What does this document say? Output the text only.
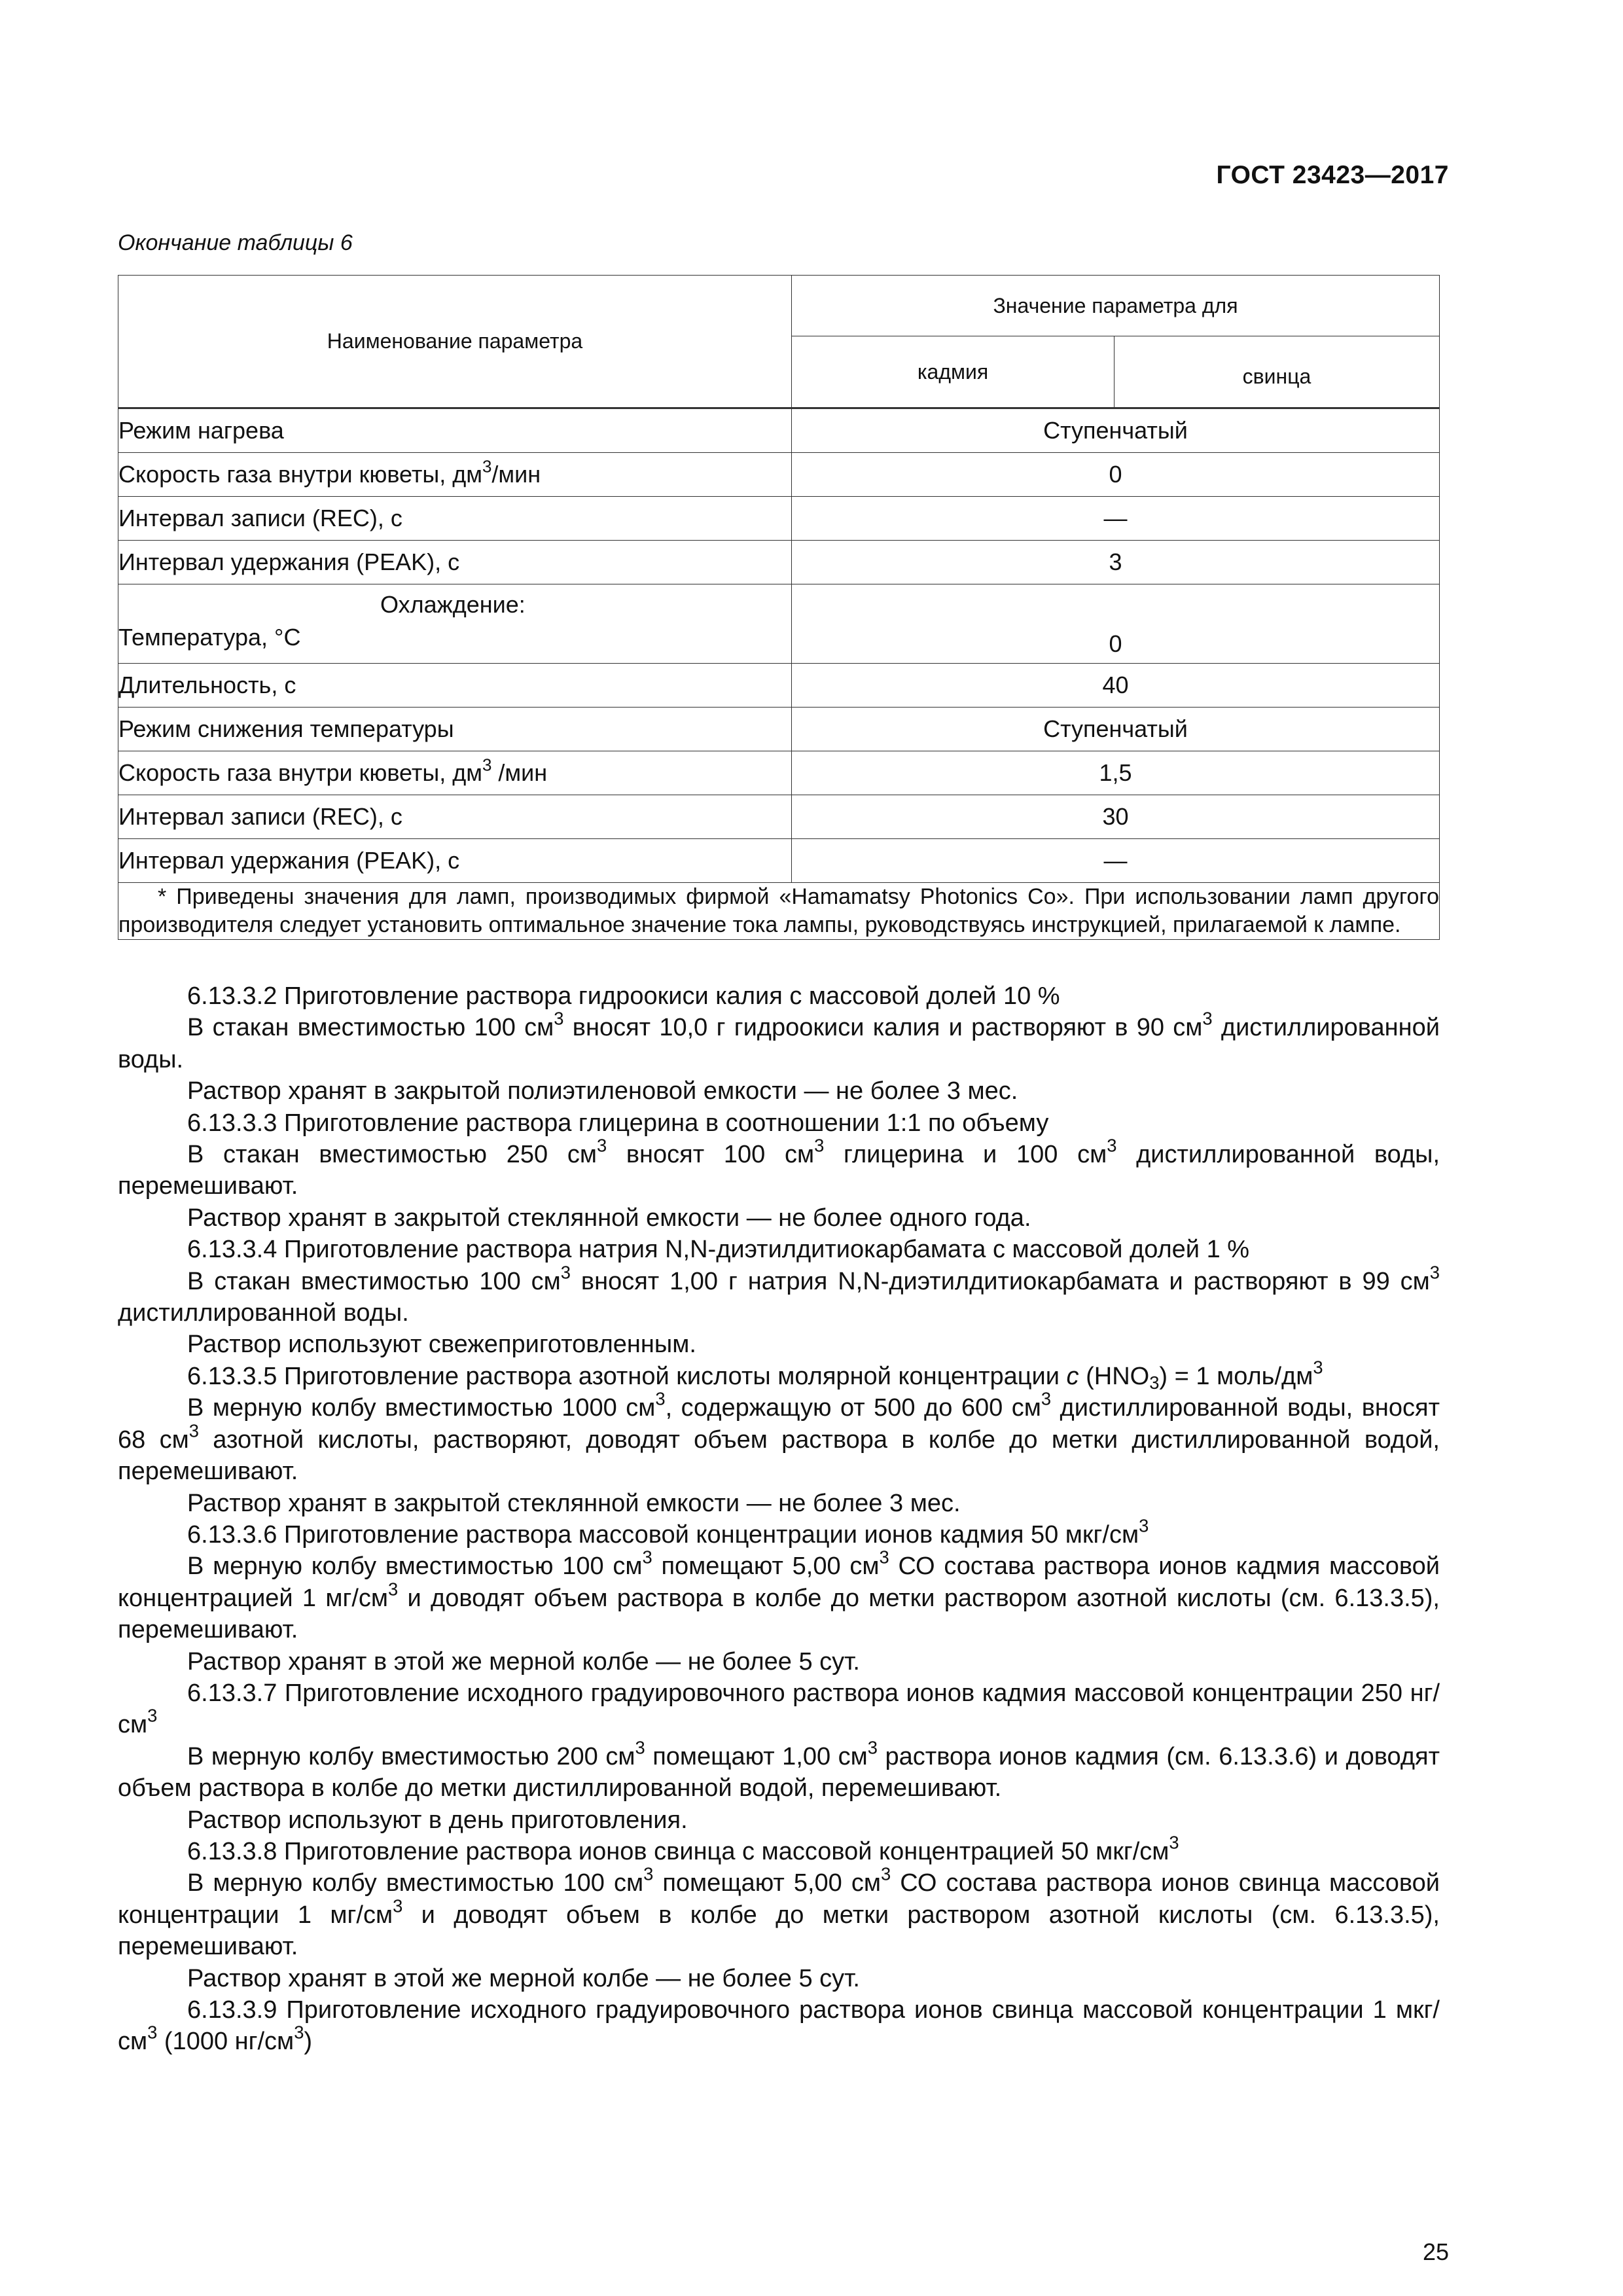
ГОСТ 23423—2017
Окончание таблицы 6
Наименование параметра	Значение параметра для	
	кадмия	свинца
Режим нагрева	Ступенчатый	
Скорость газа внутри кюветы, $дм^3$/мин	0	
Интервал записи (REC), с	—	
Интервал удержания (PEAK), с	3	

Охлаждение:
Температура, °C	0	
Длительность, с	40	
Режим снижения температуры	Ступенчатый	
Скорость газа внутри кюветы, $дм^3$ /мин	1,5	
Интервал записи (REC), с	30	
Интервал удержания (PEAK), с	—	

* Приведены значения для ламп, производимых фирмой «Hamamatsy Photonics Co». При использовании ламп другого производителя следует установить оптимальное значение тока лампы, руководствуясь инструкцией, прилагаемой к лампе.		

6.13.3.2 Приготовление раствора гидроокиси калия с массовой долей 10 %

В стакан вместимостью 100 $см^3$ вносят 10,0 г гидроокиси калия и растворяют в 90 $см^3$ дистиллированной воды.

Раствор хранят в закрытой полиэтиленовой емкости — не более 3 мес.

6.13.3.3 Приготовление раствора глицерина в соотношении 1:1 по объему

В стакан вместимостью 250 $см^3$ вносят 100 $см^3$ глицерина и 100 $см^3$ дистиллированной воды, перемешивают.

Раствор хранят в закрытой стеклянной емкости — не более одного года.

6.13.3.4 Приготовление раствора натрия N,N-диэтилдитиокарбамата с массовой долей 1 %

В стакан вместимостью 100 $см^3$ вносят 1,00 г натрия N,N-диэтилдитиокарбамата и растворяют в 99 $см^3$ дистиллированной воды.

Раствор используют свежеприготовленным.

6.13.3.5 Приготовление раствора азотной кислоты молярной концентрации c $(HNO_3) = 1$ моль/$дм^3$

В мерную колбу вместимостью 1000 $см^3$, содержащую от 500 до 600 $см^3$ дистиллированной воды, вносят 68 $см^3$ азотной кислоты, растворяют, доводят объем раствора в колбе до метки дистиллированной водой, перемешивают.

Раствор хранят в закрытой стеклянной емкости — не более 3 мес.

6.13.3.6 Приготовление раствора массовой концентрации ионов кадмия 50 мкг/$см^3$

В мерную колбу вместимостью 100 $см^3$ помещают 5,00 $см^3$ СО состава раствора ионов кадмия массовой концентрацией 1 $мг/см^3$ и доводят объем раствора в колбе до метки раствором азотной кислоты (см. 6.13.3.5), перемешивают.

Раствор хранят в этой же мерной колбе — не более 5 сут.

6.13.3.7 Приготовление исходного градуировочного раствора ионов кадмия массовой концентрации 250 $нг/см^3$

В мерную колбу вместимостью 200 $см^3$ помещают 1,00 $см^3$ раствора ионов кадмия (см. 6.13.3.6) и доводят объем раствора в колбе до метки дистиллированной водой, перемешивают.

Раствор используют в день приготовления.

6.13.3.8 Приготовление раствора ионов свинца с массовой концентрацией 50 мкг/$см^3$

В мерную колбу вместимостью 100 $см^3$ помещают 5,00 $см^3$ СО состава раствора ионов свинца массовой концентрации 1 $мг/см^3$ и доводят объем в колбе до метки раствором азотной кислоты (см. 6.13.3.5), перемешивают.

Раствор хранят в этой же мерной колбе — не более 5 сут.

6.13.3.9 Приготовление исходного градуировочного раствора ионов свинца массовой концентрации 1 мкг/$см^3$ (1000 $нг/см^3$)

25
